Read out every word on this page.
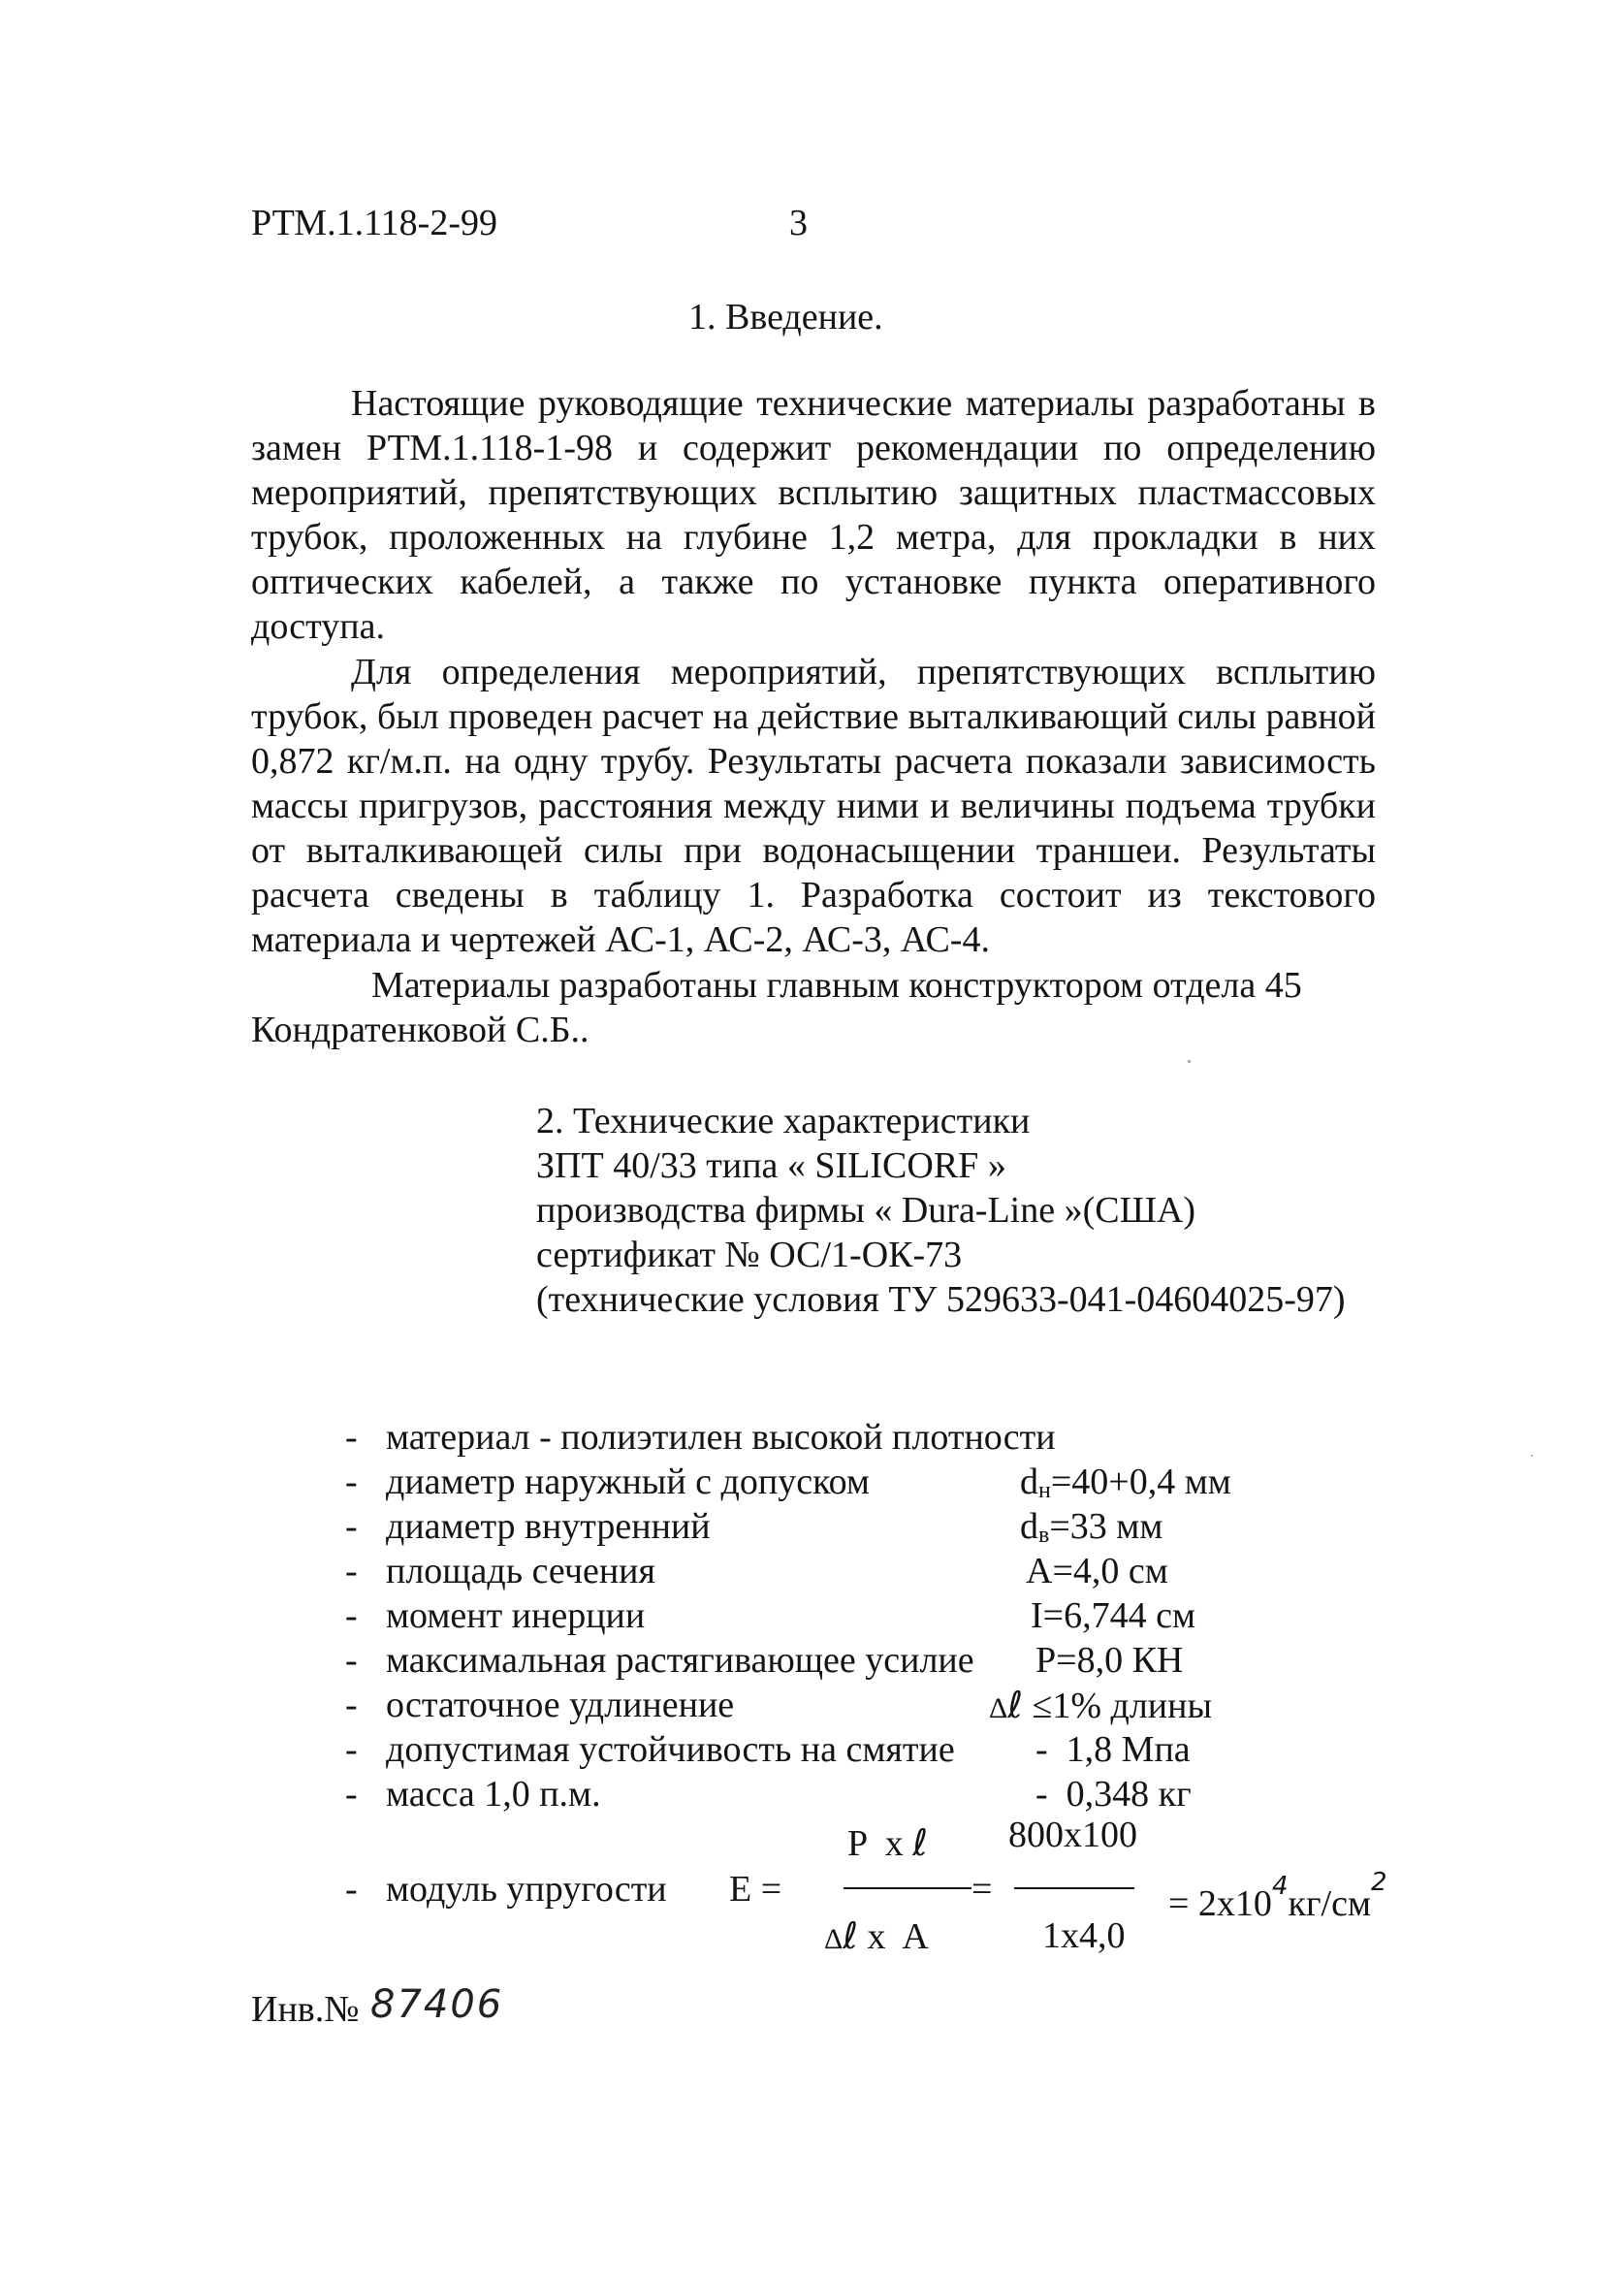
РТМ.1.118-2-99	3
1. Введение.
Настоящие руководящие технические материалы разработаны в замен РТМ.1.118-1-98 и содержит рекомендации по определению мероприятий, препятствующих всплытию защитных пластмассовых трубок, проложенных на глубине 1,2 метра, для прокладки в них оптических кабелей, а также по установке пункта оперативного доступа.
Для определения мероприятий, препятствующих всплытию трубок, был проведен расчет на действие выталкивающий силы равной 0,872 кг/м.п. на одну трубу. Результаты расчета показали зависимость массы пригрузов, расстояния между ними и величины подъема трубки от выталкивающей силы при водонасыщении траншеи. Результаты расчета сведены в таблицу 1. Разработка состоит из текстового материала и чертежей АС-1, АС-2, АС-3, АС-4.
Материалы разработаны главным конструктором отдела 45 Кондратенковой С.Б..
2. Технические характеристики
ЗПТ 40/33 типа « SILICORF »
производства фирмы « Dura-Line »(США)
сертификат № ОС/1-ОК-73
(технические условия ТУ 529633-041-04604025-97)
- материал - полиэтилен высокой плотности
- диаметр наружный с допуском	dн=40+0,4 мм
- диаметр внутренний	dв=33 мм
- площадь сечения	A=4,0 см
- момент инерции	I=6,744 см
- максимальная растягивающее усилие P=8,0 КН
- остаточное удлинение	Δℓ ≤1% длины
- допустимая устойчивость на смятие -  1,8 Мпа
- масса 1,0 п.м.	-  0,348 кг
- модуль упругости E =
P  x ℓ
=
Δℓ x  A
800x100
1x4,0
= $2x10^4кг/см^2$
Инв.№ 87406
